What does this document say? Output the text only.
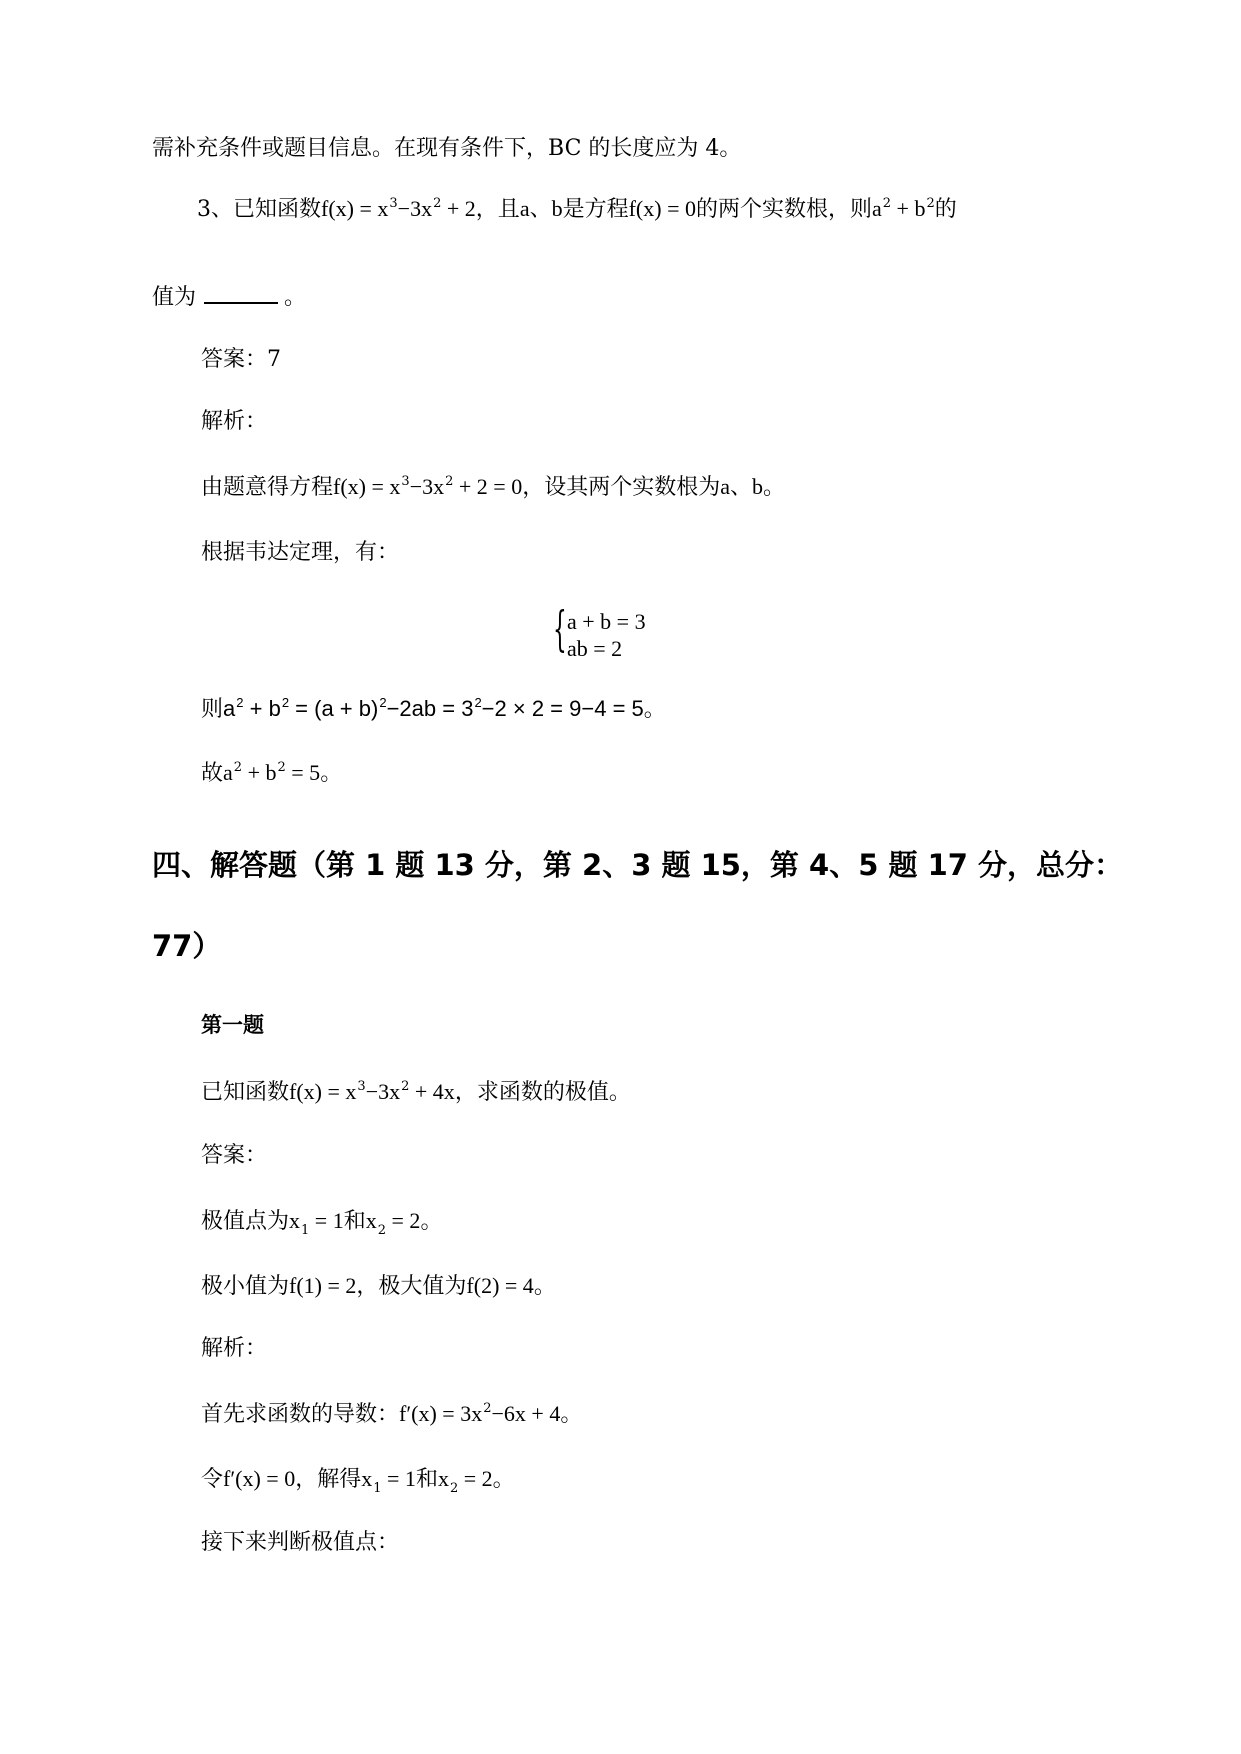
需补充条件或题目信息。在现有条件下，BC 的长度应为 4。
3、已知函数$f(x) = x^3-3x^2 + 2$，且a、b是方程f(x) = 0的两个实数根，则$a^2 + b^2$的
值为	。
答案：7
解析：
由题意得方程$f(x) = x^3-3x^2 + 2 = 0$，设其两个实数根为a、b。
根据韦达定理，有：
{ a + b = 3
ab = 2
则$a^2 + b^2 = (a + b)^2-2ab = 3^2-2 \times 2 = 9-4 = 5$。
故$a^2 + b^2 = 5$。
四、解答题（第 1 题 13 分，第 2、3 题 15，第 4、5 题 17 分，总分：
77）
第一题
已知函数$f(x) = x^3-3x^2 + 4x$，求函数的极值。
答案：
极值点为$x_1 = 1$和$x_2 = 2$。
极小值为f(1) = 2，极大值为f(2) = 4。
解析：
首先求函数的导数：$f'(x) = 3x^2-6x + 4$。
令f′(x) = 0，解得$x_1 = 1$和$x_2 = 2$。
接下来判断极值点：
